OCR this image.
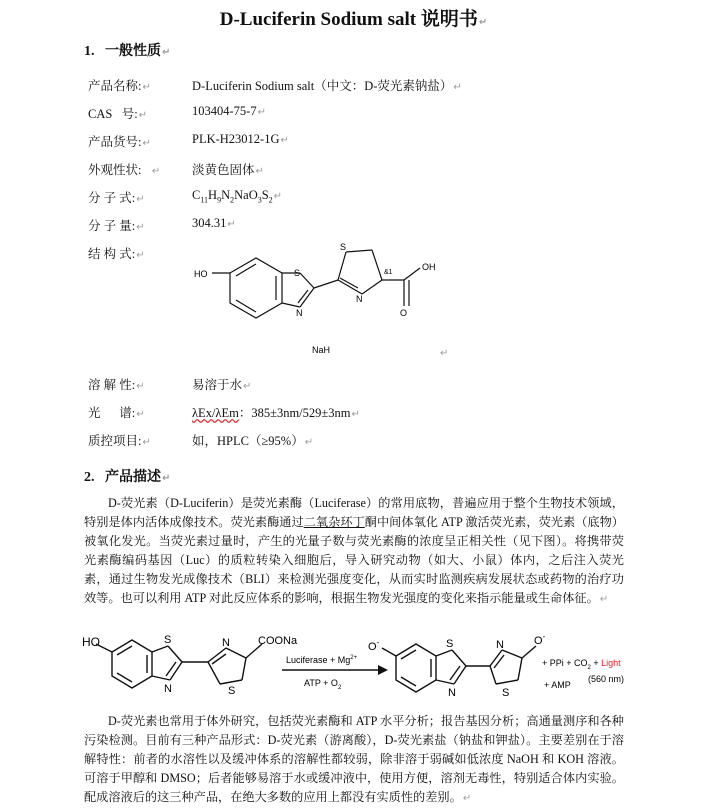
D-Luciferin Sodium salt 说明书↵
1. 一般性质↵
产品名称:↵	D-Luciferin Sodium salt（中文：D-荧光素钠盐）↵
CAS   号:↵	103404-75-7↵
产品货号:↵	PLK-H23012-1G↵
外观性状: ↵	淡黄色固体↵
分 子 式:↵	$C_{11}H_9N_2NaO_3S_2↵$
分 子 量:↵	304.31↵
结 构 式:↵
HO	S
N
S
N
&1
OH
O
NaH	↵
溶 解 性:↵	易溶于水↵
光      谱:↵	λEx/λEm：385±3nm/529±3nm↵
质控项目:↵	如，HPLC（≥95%）↵
2. 产品描述↵
D-荧光素（D-Luciferin）是荧光素酶（Luciferase）的常用底物，普遍应用于整个生物技术领域，特别是体内活体成像技术。荧光素酶通过二氧杂环丁酮中间体氧化 ATP 激活荧光素，荧光素（底物）被氧化发光。当荧光素过量时，产生的光量子数与荧光素酶的浓度呈正相关性（见下图）。将携带荧光素酶编码基因（Luc）的质粒转染入细胞后，导入研究动物（如大、小鼠）体内，之后注入荧光素，通过生物发光成像技术（BLI）来检测光强度变化，从而实时监测疾病发展状态或药物的治疗功效等。也可以利用 ATP 对此反应体系的影响，根据生物发光强度的变化来指示能量或生命体征。↵
HO	S
N
N
S
COONa
Luciferase + $Mg^{2+}$
ATP + $O_2$
O-	S
N
N
S
O-
+ PPi + $CO_2$ + Light
+ AMP
(560 nm)
D-荧光素也常用于体外研究，包括荧光素酶和 ATP 水平分析；报告基因分析；高通量测序和各种污染检测。目前有三种产品形式：D-荧光素（游离酸），D-荧光素盐（钠盐和钾盐）。主要差别在于溶解特性：前者的水溶性以及缓冲体系的溶解性都较弱，除非溶于弱碱如低浓度 NaOH 和 KOH 溶液。可溶于甲醇和 DMSO；后者能够易溶于水或缓冲液中，使用方便，溶剂无毒性，特别适合体内实验。配成溶液后的这三种产品，在绝大多数的应用上都没有实质性的差别。↵
